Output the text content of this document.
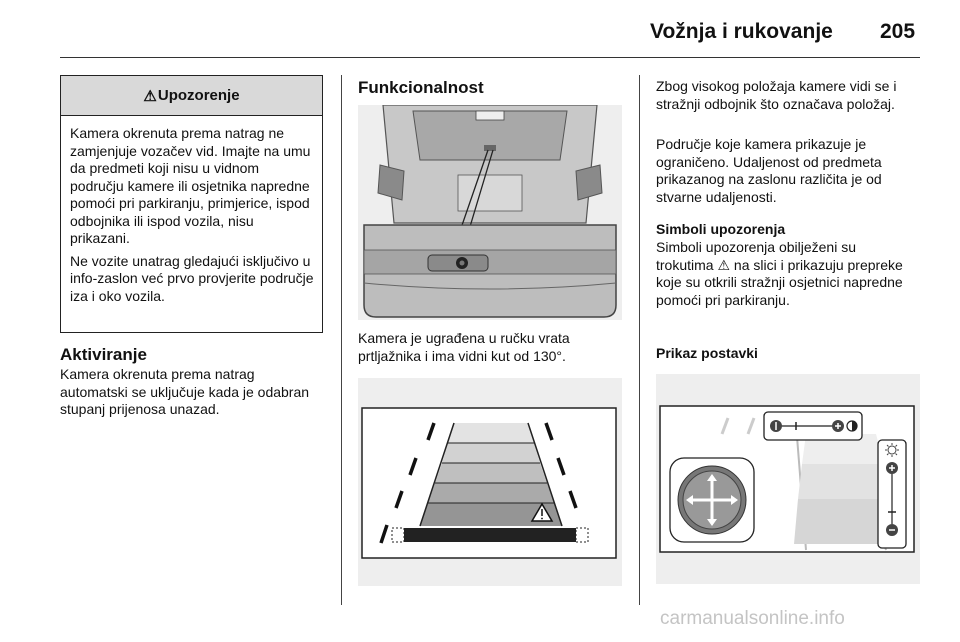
Vožnja i rukovanje 205
⚠ Upozorenje

Kamera okrenuta prema natrag ne zamjenjuje vozačev vid. Imajte na umu da predmeti koji nisu u vidnom području kamere ili osjetnika napredne pomoći pri parkiranju, primjerice, ispod odbojnika ili ispod vozila, nisu prikazani.

Ne vozite unatrag gledajući isključivo u info-zaslon već prvo provjerite područje iza i oko vozila.

Aktiviranje
Kamera okrenuta prema natrag automatski se uključuje kada je odabran stupanj prijenosa unazad.
Funkcionalnost
Kamera je ugrađena u ručku vrata prtljažnika i ima vidni kut od 130°.
Zbog visokog položaja kamere vidi se i stražnji odbojnik što označava položaj.
Područje koje kamera prikazuje je ograničeno. Udaljenost od predmeta prikazanog na zaslonu različita je od stvarne udaljenosti.
Simboli upozorenja
Simboli upozorenja obilježeni su trokutima ⚠ na slici i prikazuju prepreke koje su otkrili stražnji osjetnici napredne pomoći pri parkiranju.
Prikaz postavki
carmanualsonline.info
